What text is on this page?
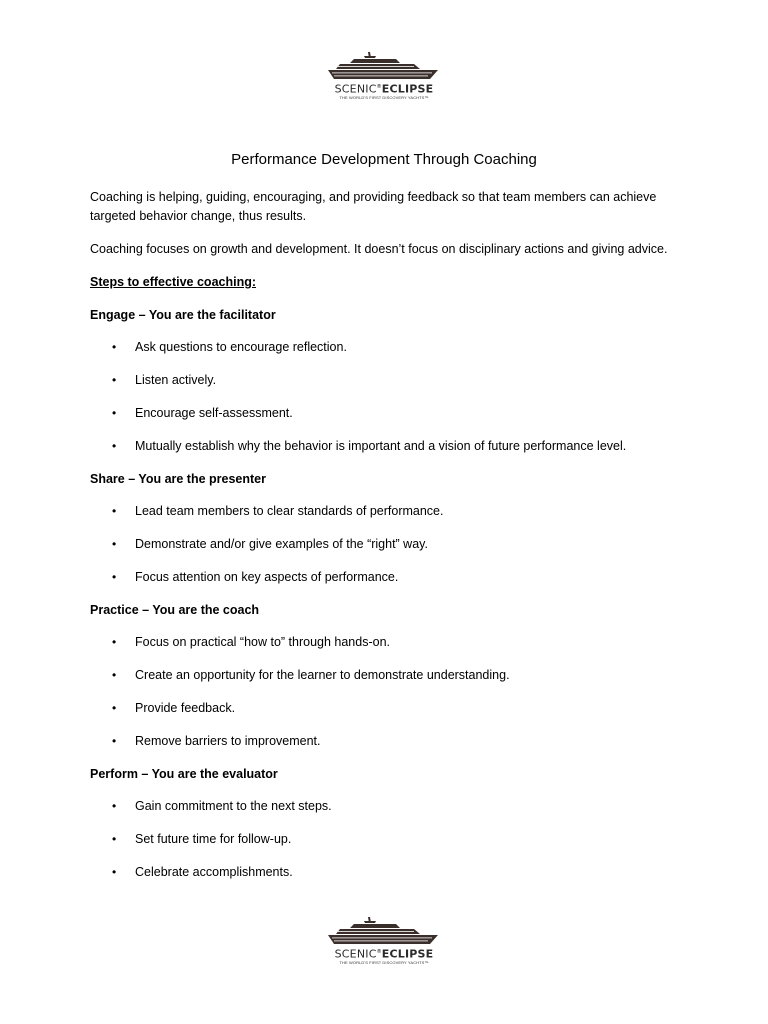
SCENIC®ECLIPSE
THE WORLD'S FIRST DISCOVERY YACHTS™
Performance Development Through Coaching

Coaching is helping, guiding, encouraging, and providing feedback so that team members can achieve targeted behavior change, thus results.

Coaching focuses on growth and development. It doesn’t focus on disciplinary actions and giving advice.

Steps to effective coaching:

Engage – You are the facilitator

• Ask questions to encourage reflection.
• Listen actively.
• Encourage self-assessment.
• Mutually establish why the behavior is important and a vision of future performance level.

Share – You are the presenter

• Lead team members to clear standards of performance.
• Demonstrate and/or give examples of the “right” way.
• Focus attention on key aspects of performance.

Practice – You are the coach

• Focus on practical “how to” through hands-on.
• Create an opportunity for the learner to demonstrate understanding.
• Provide feedback.
• Remove barriers to improvement.

Perform – You are the evaluator

• Gain commitment to the next steps.
• Set future time for follow-up.
• Celebrate accomplishments.
SCENIC®ECLIPSE
THE WORLD'S FIRST DISCOVERY YACHTS™
